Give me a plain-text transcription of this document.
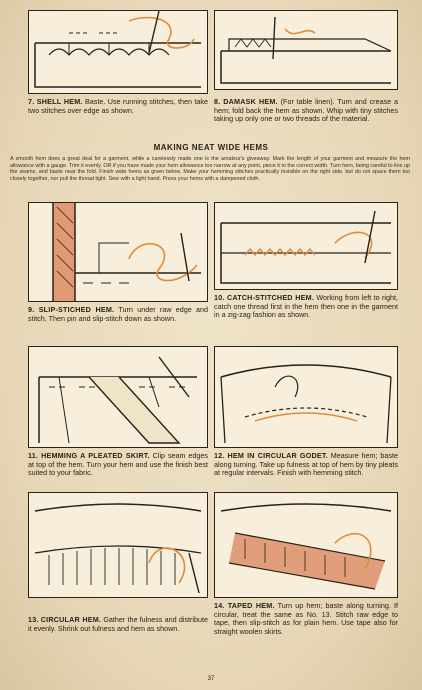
7. SHELL HEM. Baste. Use running stitches, then take two stitches over edge as shown.
8. DAMASK HEM. (For table linen). Turn and crease a hem; fold back the hem as shown. Whip with tiny stitches taking up only one or two threads of the material.
MAKING NEAT WIDE HEMS
A smooth hem does a great deal for a garment, while a carelessly made one is the amateur's giveaway. Mark the length of your garment and measure the hem allowance with a gauge. Trim it evenly. OR if you have made your hem allowance too narrow at any point, piece it to the correct width. Turn hem, being careful to line up the seams, and baste near the fold. Finish wide hems as given below. Make your hemming stitches practically invisible on the right side, but do not space them too closely together, nor pull the thread tight. Sew with a light hand. Press your hems with a dampened cloth.
9. SLIP-STICHED HEM. Turn under raw edge and stitch. Then pin and slip-stitch down as shown.
10. CATCH-STITCHED HEM. Working from left to right, catch one thread first in the hem then one in the garment in a zig-zag fashion as shown.
11. HEMMING A PLEATED SKIRT. Clip seam edges at top of the hem. Turn your hem and use the finish best suited to your fabric.
12. HEM IN CIRCULAR GODET. Measure hem; baste along turning. Take up fulness at top of hem by tiny pleats at regular intervals. Finish with hemming stitch.
13. CIRCULAR HEM. Gather the fulness and distribute it evenly. Shrink out fulness and hem as shown.
14. TAPED HEM. Turn up hem; baste along turning. If circular, treat the same as No. 13. Stitch raw edge to tape, then slip-stitch as for plain hem. Use tape also for straight woolen skirts.
37
